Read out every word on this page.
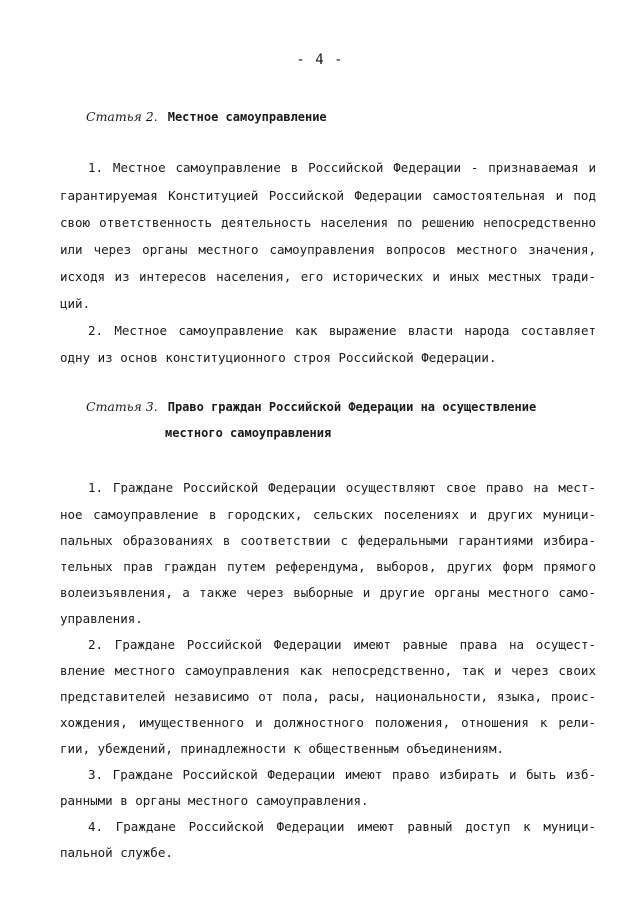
- 4 -
Статья 2. Местное самоуправление
1. Местное самоуправление в Российской Федерации - признаваемая и
гарантируемая Конституцией Российской Федерации самостоятельная и под
свою ответственность деятельность населения по решению непосредственно
или через органы местного самоуправления вопросов местного значения,
исходя из интересов населения, его исторических и иных местных тради-
ций.
2. Местное самоуправление как выражение власти народа составляет
одну из основ конституционного строя Российской Федерации.
Статья 3. Право граждан Российской Федерации на осуществление
местного самоуправления
1. Граждане Российской Федерации осуществляют свое право на мест-
ное самоуправление в городских, сельских поселениях и других муници-
пальных образованиях в соответствии с федеральными гарантиями избира-
тельных прав граждан путем референдума, выборов, других форм прямого
волеизъявления, а также через выборные и другие органы местного само-
управления.
2. Граждане Российской Федерации имеют равные права на осущест-
вление местного самоуправления как непосредственно, так и через своих
представителей независимо от пола, расы, национальности, языка, проис-
хождения, имущественного и должностного положения, отношения к рели-
гии, убеждений, принадлежности к общественным объединениям.
3. Граждане Российской Федерации имеют право избирать и быть изб-
ранными в органы местного самоуправления.
4. Граждане Российской Федерации имеют равный доступ к муници-
пальной службе.
